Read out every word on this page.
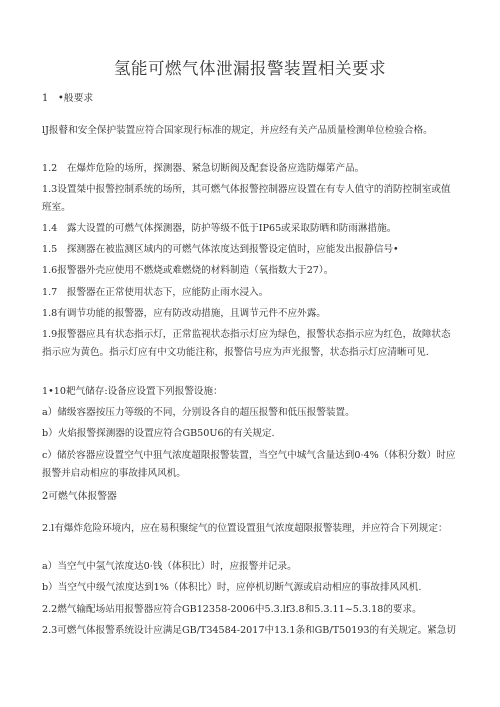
氢能可燃气体泄漏报警装置相关要求
1　•般要求
lJ报瞽和安全保护装置应符合国家现行标准的规定，并应经有关产品质量检测单位检验合格。
1.2　在爆炸危险的场所，探测器、紧急切断阀及配套设备应选防爆笫产品。
1.3设置桀中报警控制系统的场所，其可燃气体报警控制器应设置在有专人值守的消防控制室或值班室。
1.4　露大设置的可燃气体探测器，防护等级不低于IP65或采取防晒和防雨淋措施。
1.5　探测器在被监测区域内的可燃气体浓度达到报警设定值时，应能发出报静信号•
1.6报警器外壳应使用不燃烧或难燃烧的材料制造（氧指数大于27）。
1.7　报警器在正常使用状态下，应能防止雨水浸入。
1.8有调节功能的报警器，应有防改动措施，且调节元件不应外露。
1.9报警器应具有状态指示灯，正常监视状态指示灯应为绿色，报警状态指示应为红色，故障状态指示应为黄色。指示灯应有中文功能注称，报警信号应为声光报警，状态指示灯应清晰可见.
1•10耙气储存:设备应设置下列报警设施：
a）储级容器按压力等级的不同，分别设各自的超压报警和低压报警装置。
b）火焰报警探测器的设置应符合GB50U6的有关规定.
c）储於容器应设置空气中狙气浓度超限报警装置，当空气中城气含量达到0·4%（体积分数）时应报警并启动相应的事故排风风机。
2可燃气体报警器
2.l有爆炸危险环境内，应在易积聚绽气的位置设置狙气浓度超限报警装理，并应符合下列规定：
a）当空气中氢气浓度达0·钱（体积比）时，应报警并记录。
b）当空气中级气浓度达到1%（体积比）时，应停机切断气源或启动相应的事故排风风机.
2.2燃气输配场站用报警器应符合GB12358-2006中5.3.lf3.8和5.3.11~5.3.18的要求。
2.3可燃气体报警系统设计应满足GB/T34584-2017中13.1条和GB/T50193的有关规定。紧急切
